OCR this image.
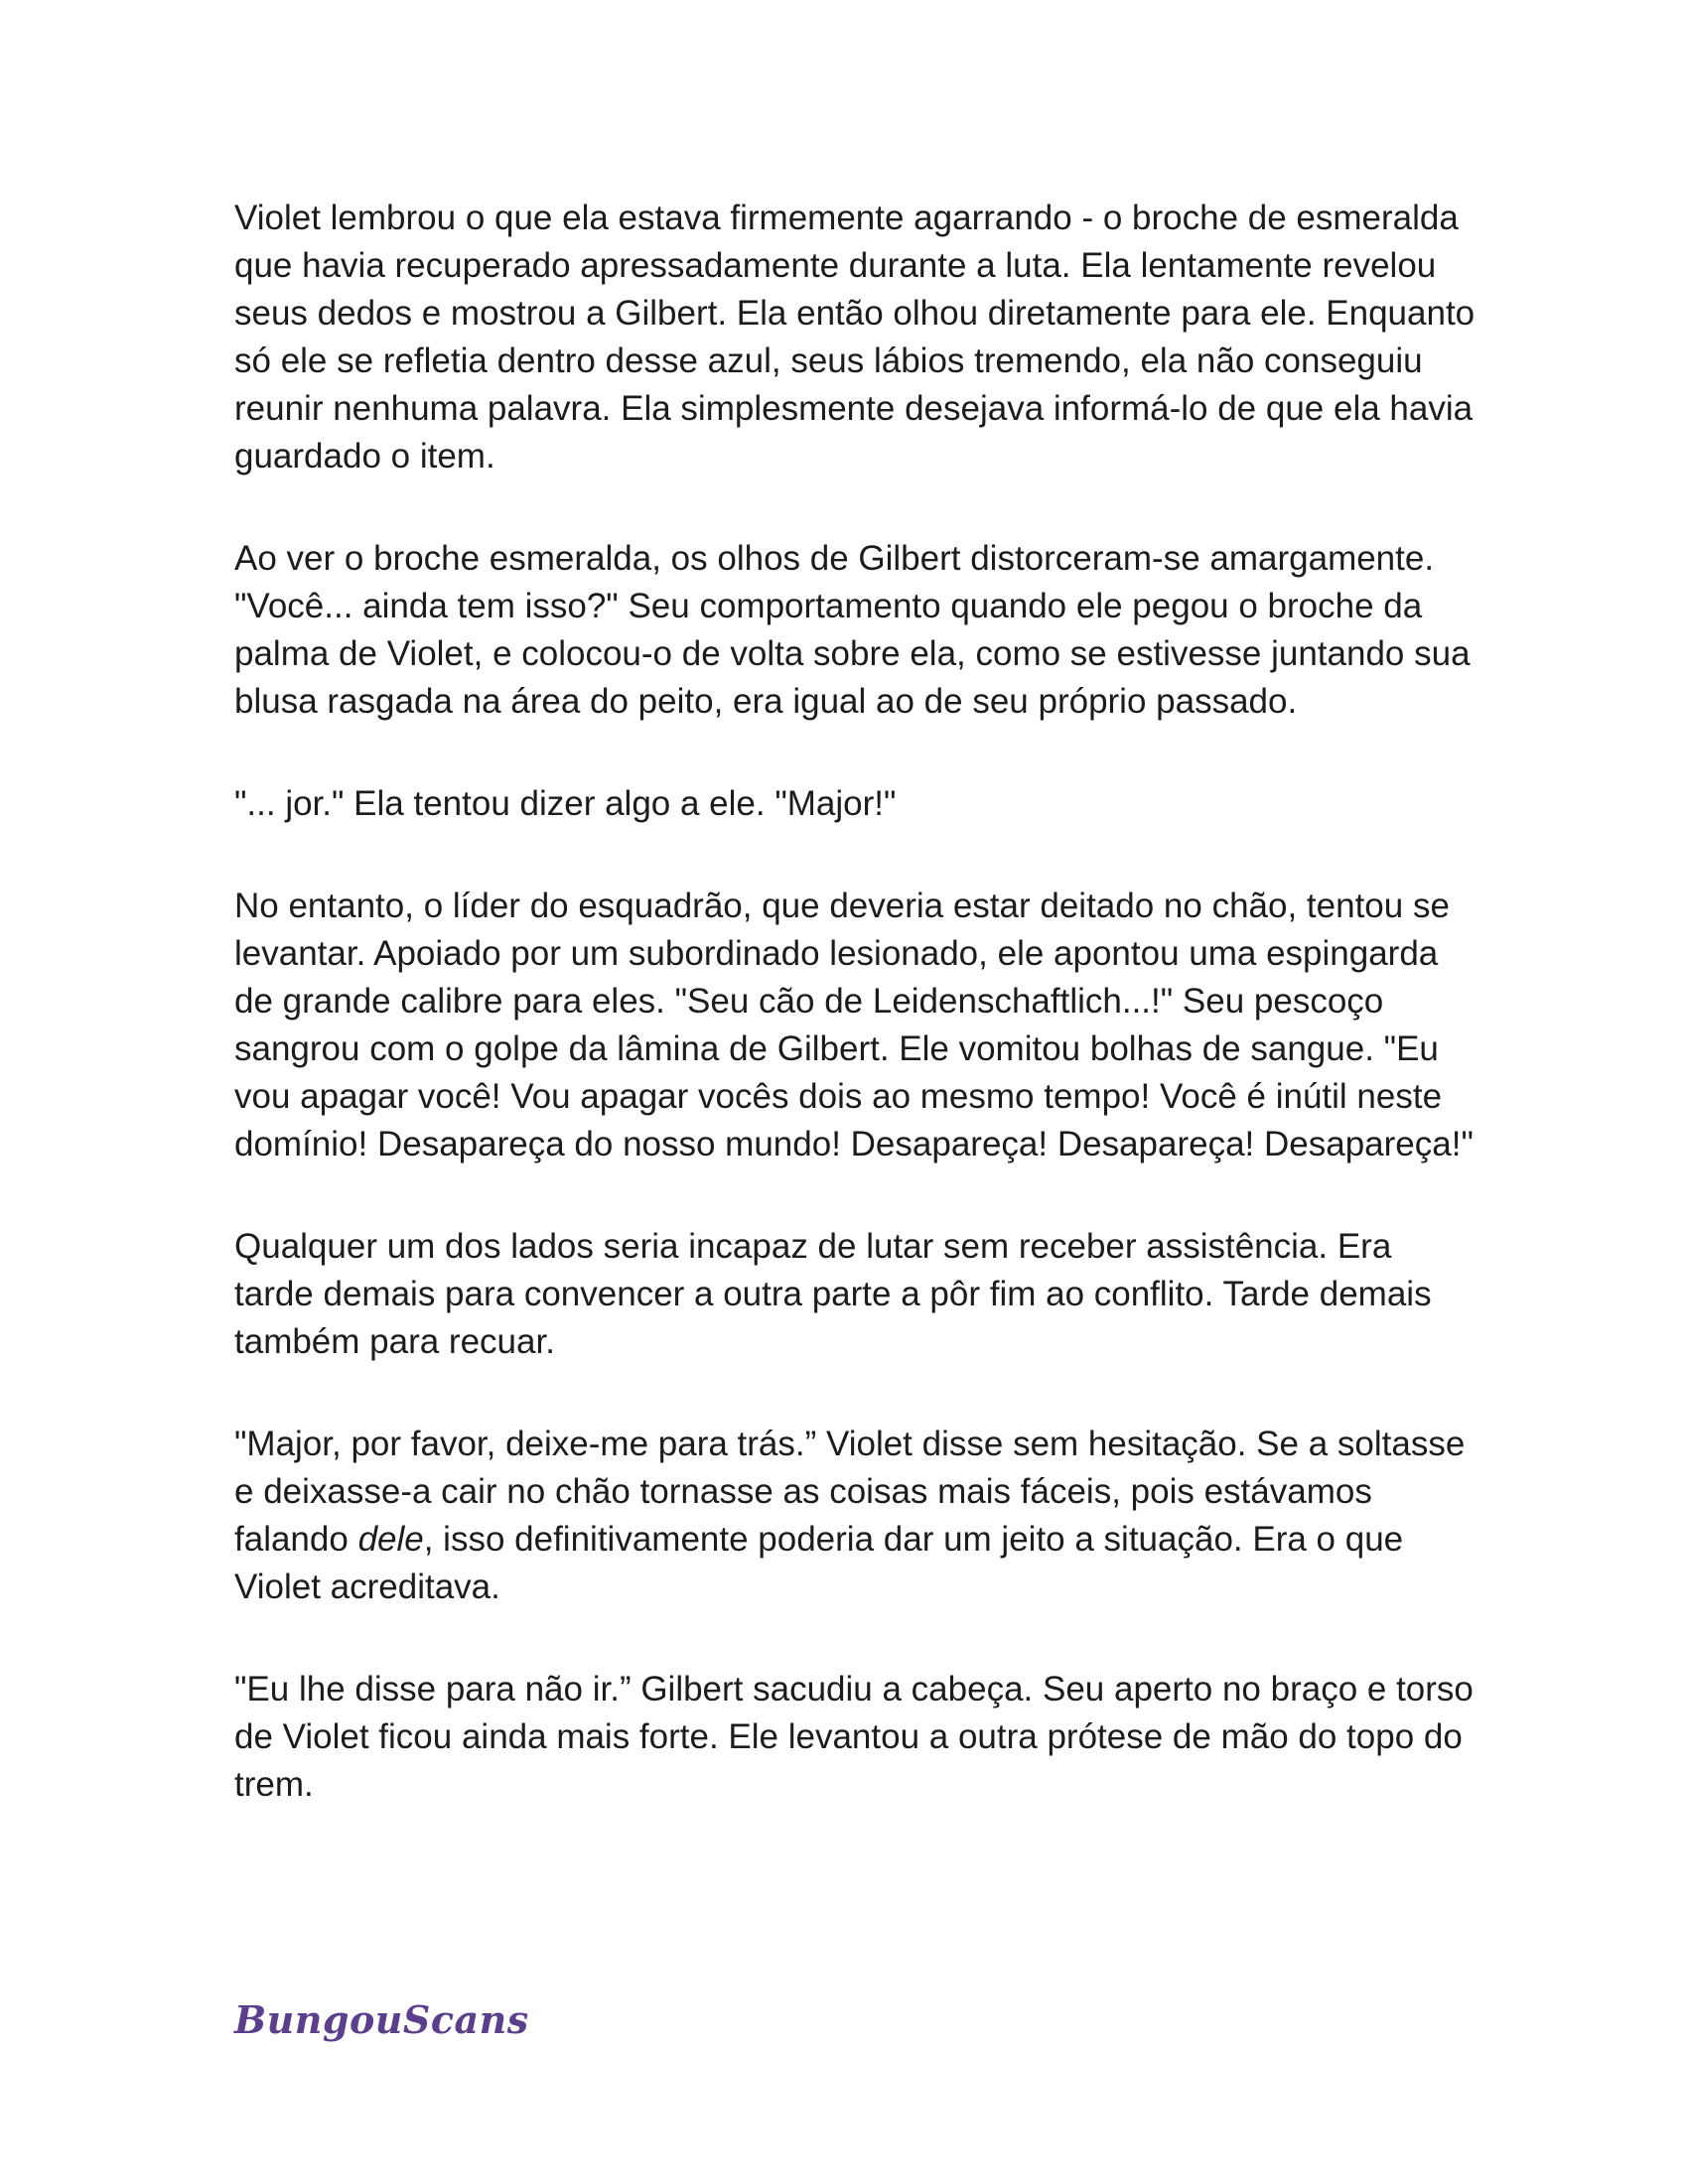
Violet lembrou o que ela estava firmemente agarrando - o broche de esmeralda que havia recuperado apressadamente durante a luta. Ela lentamente revelou seus dedos e mostrou a Gilbert. Ela então olhou diretamente para ele. Enquanto só ele se refletia dentro desse azul, seus lábios tremendo, ela não conseguiu reunir nenhuma palavra. Ela simplesmente desejava informá-lo de que ela havia guardado o item.

Ao ver o broche esmeralda, os olhos de Gilbert distorceram-se amargamente. "Você... ainda tem isso?" Seu comportamento quando ele pegou o broche da palma de Violet, e colocou-o de volta sobre ela, como se estivesse juntando sua blusa rasgada na área do peito, era igual ao de seu próprio passado.

"... jor." Ela tentou dizer algo a ele. "Major!"

No entanto, o líder do esquadrão, que deveria estar deitado no chão, tentou se levantar. Apoiado por um subordinado lesionado, ele apontou uma espingarda de grande calibre para eles. "Seu cão de Leidenschaftlich...!" Seu pescoço sangrou com o golpe da lâmina de Gilbert. Ele vomitou bolhas de sangue. "Eu vou apagar você! Vou apagar vocês dois ao mesmo tempo! Você é inútil neste domínio! Desapareça do nosso mundo! Desapareça! Desapareça! Desapareça!"

Qualquer um dos lados seria incapaz de lutar sem receber assistência. Era tarde demais para convencer a outra parte a pôr fim ao conflito. Tarde demais também para recuar.

"Major, por favor, deixe-me para trás.” Violet disse sem hesitação. Se a soltasse e deixasse-a cair no chão tornasse as coisas mais fáceis, pois estávamos falando dele, isso definitivamente poderia dar um jeito a situação. Era o que Violet acreditava.

"Eu lhe disse para não ir.” Gilbert sacudiu a cabeça. Seu aperto no braço e torso de Violet ficou ainda mais forte. Ele levantou a outra prótese de mão do topo do trem.

BungouScans
